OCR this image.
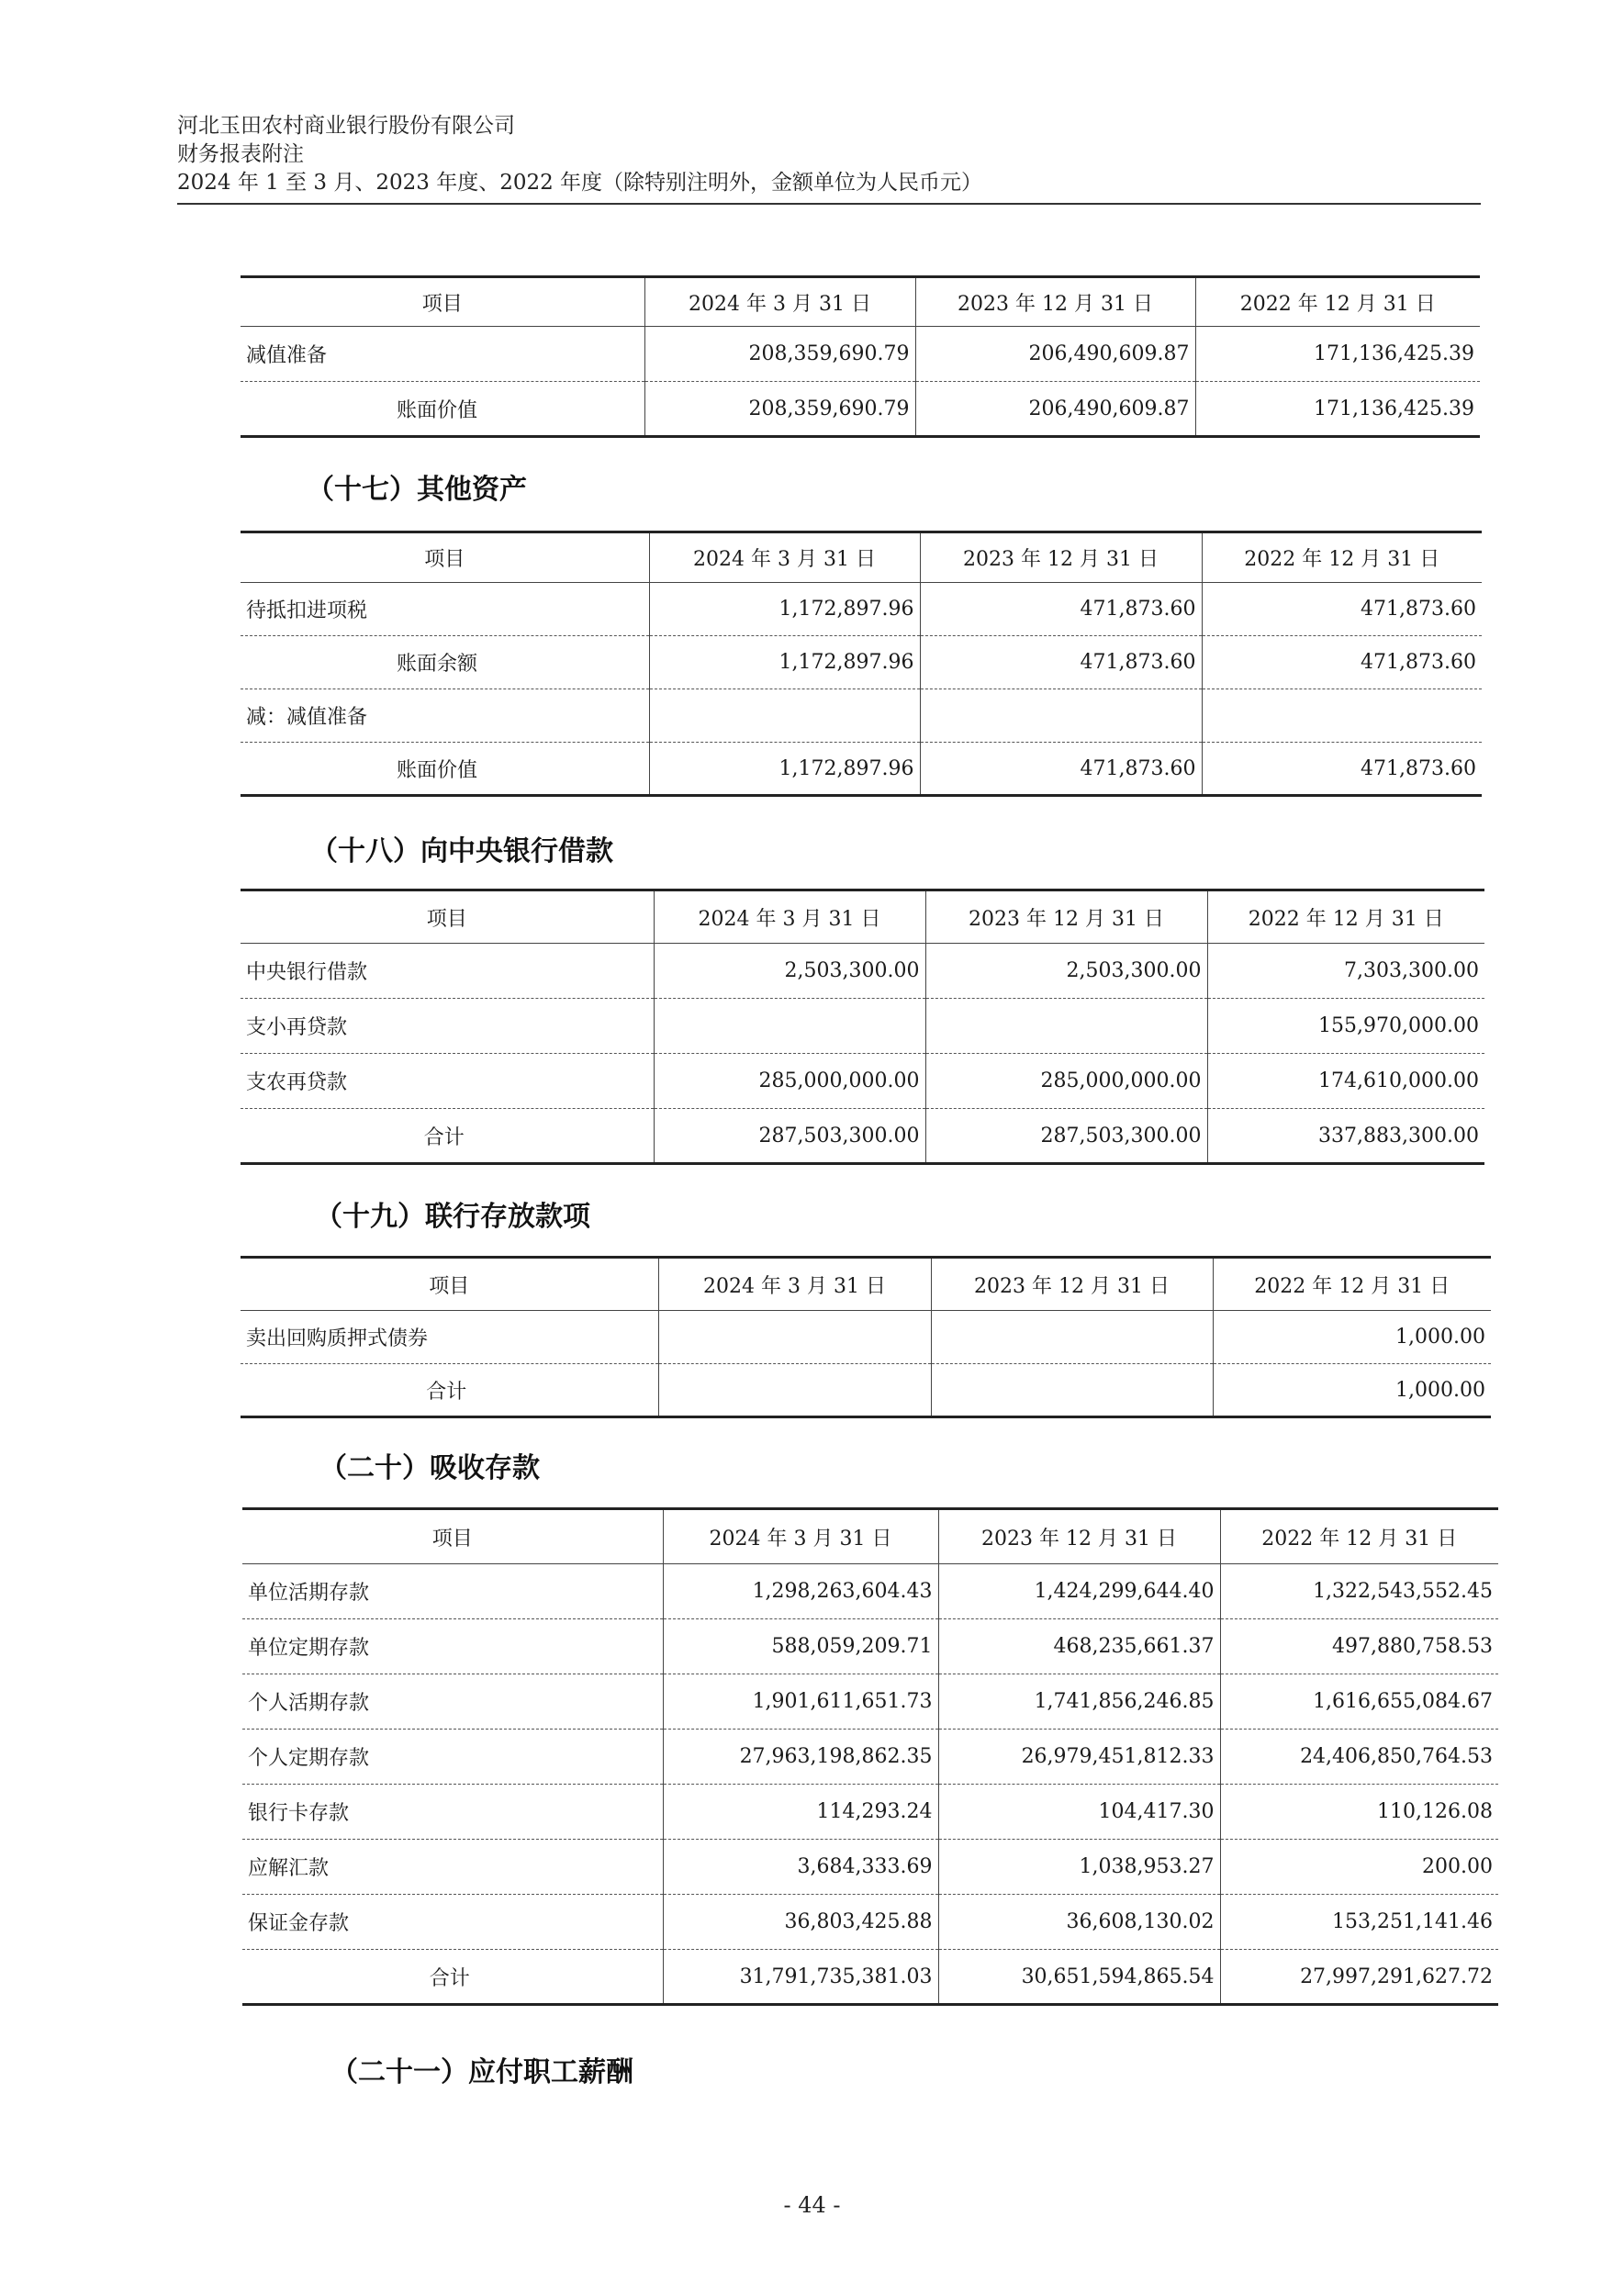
河北玉田农村商业银行股份有限公司
财务报表附注
2024 年 1 至 3 月、2023 年度、2022 年度（除特别注明外，金额单位为人民币元）
项目	2024 年 3 月 31 日	2023 年 12 月 31 日	2022 年 12 月 31 日
减值准备	208,359,690.79	206,490,609.87	171,136,425.39
账面价值	208,359,690.79	206,490,609.87	171,136,425.39
（十七）其他资产
项目	2024 年 3 月 31 日	2023 年 12 月 31 日	2022 年 12 月 31 日
待抵扣进项税	1,172,897.96	471,873.60	471,873.60
账面余额	1,172,897.96	471,873.60	471,873.60
减：减值准备			
账面价值	1,172,897.96	471,873.60	471,873.60
（十八）向中央银行借款
项目	2024 年 3 月 31 日	2023 年 12 月 31 日	2022 年 12 月 31 日
中央银行借款	2,503,300.00	2,503,300.00	7,303,300.00
支小再贷款			155,970,000.00
支农再贷款	285,000,000.00	285,000,000.00	174,610,000.00
合计	287,503,300.00	287,503,300.00	337,883,300.00
（十九）联行存放款项
项目	2024 年 3 月 31 日	2023 年 12 月 31 日	2022 年 12 月 31 日
卖出回购质押式债券			1,000.00
合计			1,000.00
（二十）吸收存款
项目	2024 年 3 月 31 日	2023 年 12 月 31 日	2022 年 12 月 31 日
单位活期存款	1,298,263,604.43	1,424,299,644.40	1,322,543,552.45
单位定期存款	588,059,209.71	468,235,661.37	497,880,758.53
个人活期存款	1,901,611,651.73	1,741,856,246.85	1,616,655,084.67
个人定期存款	27,963,198,862.35	26,979,451,812.33	24,406,850,764.53
银行卡存款	114,293.24	104,417.30	110,126.08
应解汇款	3,684,333.69	1,038,953.27	200.00
保证金存款	36,803,425.88	36,608,130.02	153,251,141.46
合计	31,791,735,381.03	30,651,594,865.54	27,997,291,627.72
（二十一）应付职工薪酬
- 44 -
